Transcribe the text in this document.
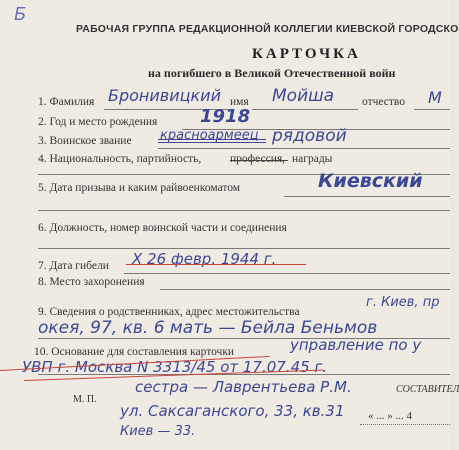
Б
РАБОЧАЯ ГРУППА РЕДАКЦИОННОЙ КОЛЛЕГИИ КИЕВСКОЙ ГОРОДСКО
КАРТОЧКА
на погибшего в Великой Отечественной войн
1. Фамилия Бронивицкий имя Мойша отчество М
2. Год и место рождения 1918
3. Воинское звание красноармеец рядовой
4. Национальность, партийность, профессия, награды
5. Дата призыва и каким райвоенкоматом	Киевский
6. Должность, номер воинской части и соединения
7. Дата гибели Х 26 февр. 1944 г.
8. Место захоронения
9. Сведения о родственниках, адрес местожительства
г. Киев, пр
окея, 97, кв. 6 мать — Бейла Беньмов
10. Основание для составления карточки	управление по у
УВП г. Москва N 3313/45 от 17.07.45 г.
М. П.
сестра — Лаврентьева Р.М.
ул. Саксаганского, 33, кв.31
Киев — 33.
СОСТАВИТЕЛ
« ... » ... 4
